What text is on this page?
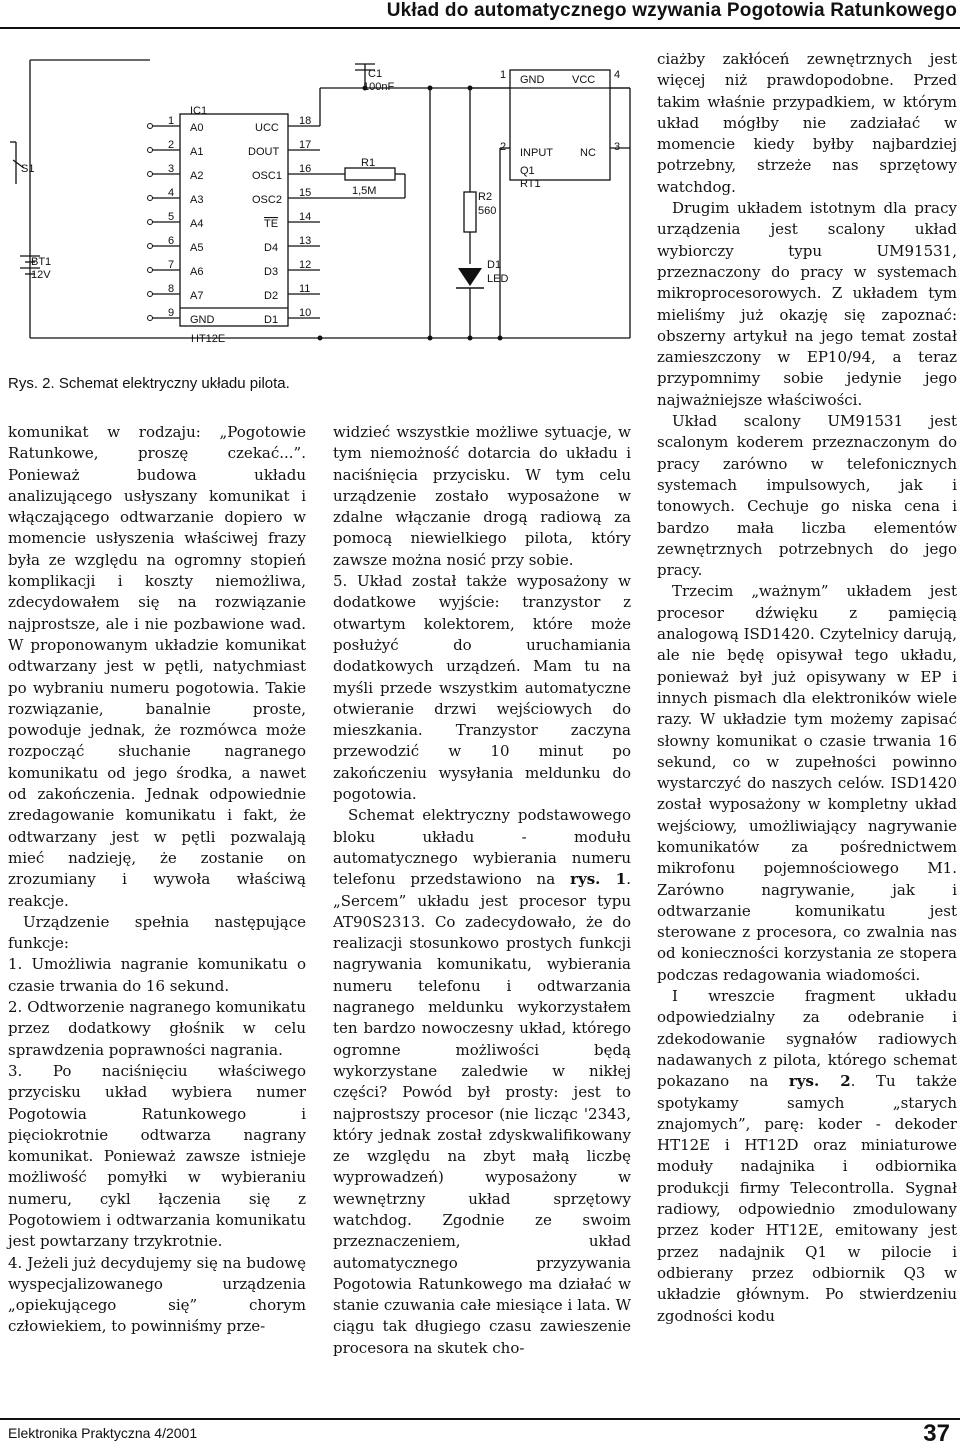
Układ do automatycznego wzywania Pogotowia Ratunkowego
S1
BT1
12V
IC1
HT12E
1
2
3
4
5
6
7
8
9
A0
A1
A2
A3
A4
A5
A6
A7
GND
UCC
DOUT
OSC1
OSC2
TE
D4
D3
D2
D1
18
17
16
15
14
13
12
11
10
C1
100nF
R1
1,5M	R2
560
D1
LED
1 GND	VCC 4
2 INPUT NC 3
Q1
RT1
Rys. 2. Schemat elektryczny układu pilota.

komunikat w rodzaju: „Pogotowie Ratunkowe, proszę czekać...”. Ponieważ budowa układu analizującego usłyszany komunikat i włączającego odtwarzanie dopiero w momencie usłyszenia właściwej frazy była ze względu na ogromny stopień komplikacji i koszty niemożliwa, zdecydowałem się na rozwiązanie najprostsze, ale i nie pozbawione wad. W proponowanym układzie komunikat odtwarzany jest w pętli, natychmiast po wybraniu numeru pogotowia. Takie rozwiązanie, banalnie proste, powoduje jednak, że rozmówca może rozpocząć słuchanie nagranego komunikatu od jego środka, a nawet od zakończenia. Jednak odpowiednie zredagowanie komunikatu i fakt, że odtwarzany jest w pętli pozwalają mieć nadzieję, że zostanie on zrozumiany i wywoła właściwą reakcje.

Urządzenie spełnia następujące funkcje:

1. Umożliwia nagranie komunikatu o czasie trwania do 16 sekund.

2. Odtworzenie nagranego komunikatu przez dodatkowy głośnik w celu sprawdzenia poprawności nagrania.

3. Po naciśnięciu właściwego przycisku układ wybiera numer Pogotowia Ratunkowego i pięciokrotnie odtwarza nagrany komunikat. Ponieważ zawsze istnieje możliwość pomyłki w wybieraniu numeru, cykl łączenia się z Pogotowiem i odtwarzania komunikatu jest powtarzany trzykrotnie.

4. Jeżeli już decydujemy się na budowę wyspecjalizowanego urządzenia „opiekującego się” chorym człowiekiem, to powinniśmy prze-

widzieć wszystkie możliwe sytuacje, w tym niemożność dotarcia do układu i naciśnięcia przycisku. W tym celu urządzenie zostało wyposażone w zdalne włączanie drogą radiową za pomocą niewielkiego pilota, który zawsze można nosić przy sobie.

5. Układ został także wyposażony w dodatkowe wyjście: tranzystor z otwartym kolektorem, które może posłużyć do uruchamiania dodatkowych urządzeń. Mam tu na myśli przede wszystkim automatyczne otwieranie drzwi wejściowych do mieszkania. Tranzystor zaczyna przewodzić w 10 minut po zakończeniu wysyłania meldunku do pogotowia.

Schemat elektryczny podstawowego bloku układu - modułu automatycznego wybierania numeru telefonu przedstawiono na rys. 1. „Sercem” układu jest procesor typu AT90S2313. Co zadecydowało, że do realizacji stosunkowo prostych funkcji nagrywania komunikatu, wybierania numeru telefonu i odtwarzania nagranego meldunku wykorzystałem ten bardzo nowoczesny układ, którego ogromne możliwości będą wykorzystane zaledwie w nikłej części? Powód był prosty: jest to najprostszy procesor (nie licząc '2343, który jednak został zdyskwalifikowany ze względu na zbyt małą liczbę wyprowadzeń) wyposażony w wewnętrzny układ sprzętowy watchdog. Zgodnie ze swoim przeznaczeniem, układ automatycznego przyzywania Pogotowia Ratunkowego ma działać w stanie czuwania całe miesiące i lata. W ciągu tak długiego czasu zawieszenie procesora na skutek cho-

ciażby zakłóceń zewnętrznych jest więcej niż prawdopodobne. Przed takim właśnie przypadkiem, w którym układ mógłby nie zadziałać w momencie kiedy byłby najbardziej potrzebny, strzeże nas sprzętowy watchdog.

Drugim układem istotnym dla pracy urządzenia jest scalony układ wybiorczy typu UM91531, przeznaczony do pracy w systemach mikroprocesorowych. Z układem tym mieliśmy już okazję się zapoznać: obszerny artykuł na jego temat został zamieszczony w EP10/94, a teraz przypomnimy sobie jedynie jego najważniejsze właściwości.

Układ scalony UM91531 jest scalonym koderem przeznaczonym do pracy zarówno w telefonicznych systemach impulsowych, jak i tonowych. Cechuje go niska cena i bardzo mała liczba elementów zewnętrznych potrzebnych do jego pracy.

Trzecim „ważnym” układem jest procesor dźwięku z pamięcią analogową ISD1420. Czytelnicy darują, ale nie będę opisywał tego układu, ponieważ był już opisywany w EP i innych pismach dla elektroników wiele razy. W układzie tym możemy zapisać słowny komunikat o czasie trwania 16 sekund, co w zupełności powinno wystarczyć do naszych celów. ISD1420 został wyposażony w kompletny układ wejściowy, umożliwiający nagrywanie komunikatów za pośrednictwem mikrofonu pojemnościowego M1. Zarówno nagrywanie, jak i odtwarzanie komunikatu jest sterowane z procesora, co zwalnia nas od konieczności korzystania ze stopera podczas redagowania wiadomości.

I wreszcie fragment układu odpowiedzialny za odebranie i zdekodowanie sygnałów radiowych nadawanych z pilota, którego schemat pokazano na rys. 2. Tu także spotykamy samych „starych znajomych”, parę: koder - dekoder HT12E i HT12D oraz miniaturowe moduły nadajnika i odbiornika produkcji firmy Telecontrolla. Sygnał radiowy, odpowiednio zmodulowany przez koder HT12E, emitowany jest przez nadajnik Q1 w pilocie i odbierany przez odbiornik Q3 w układzie głównym. Po stwierdzeniu zgodności kodu

Elektronika Praktyczna 4/2001	37
